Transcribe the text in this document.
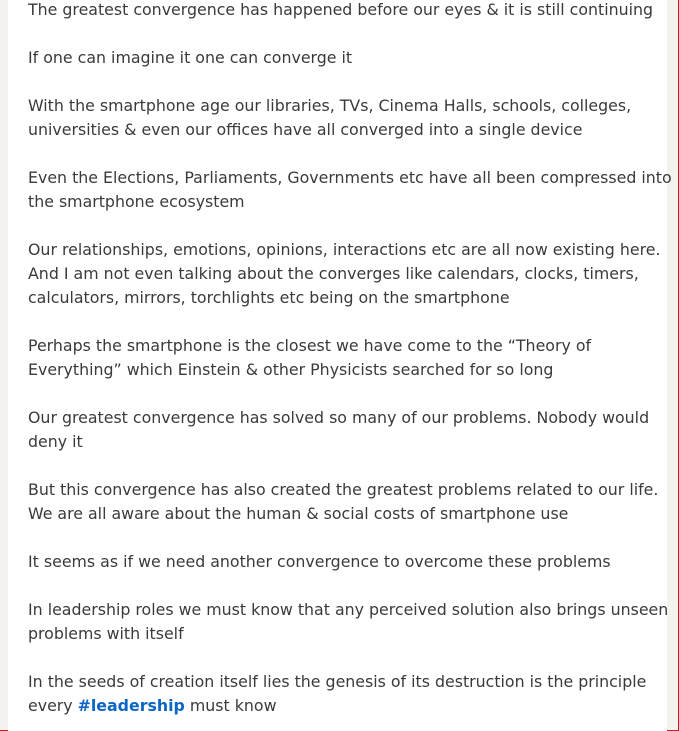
The greatest convergence has happened before our eyes & it is still continuing

If one can imagine it one can converge it

With the smartphone age our libraries, TVs, Cinema Halls, schools, colleges,
universities & even our offices have all converged into a single device

Even the Elections, Parliaments, Governments etc have all been compressed into
the smartphone ecosystem

Our relationships, emotions, opinions, interactions etc are all now existing here.
And I am not even talking about the converges like calendars, clocks, timers,
calculators, mirrors, torchlights etc being on the smartphone

Perhaps the smartphone is the closest we have come to the “Theory of
Everything” which Einstein & other Physicists searched for so long

Our greatest convergence has solved so many of our problems. Nobody would
deny it

But this convergence has also created the greatest problems related to our life.
We are all aware about the human & social costs of smartphone use

It seems as if we need another convergence to overcome these problems

In leadership roles we must know that any perceived solution also brings unseen
problems with itself

In the seeds of creation itself lies the genesis of its destruction is the principle
every #leadership must know
